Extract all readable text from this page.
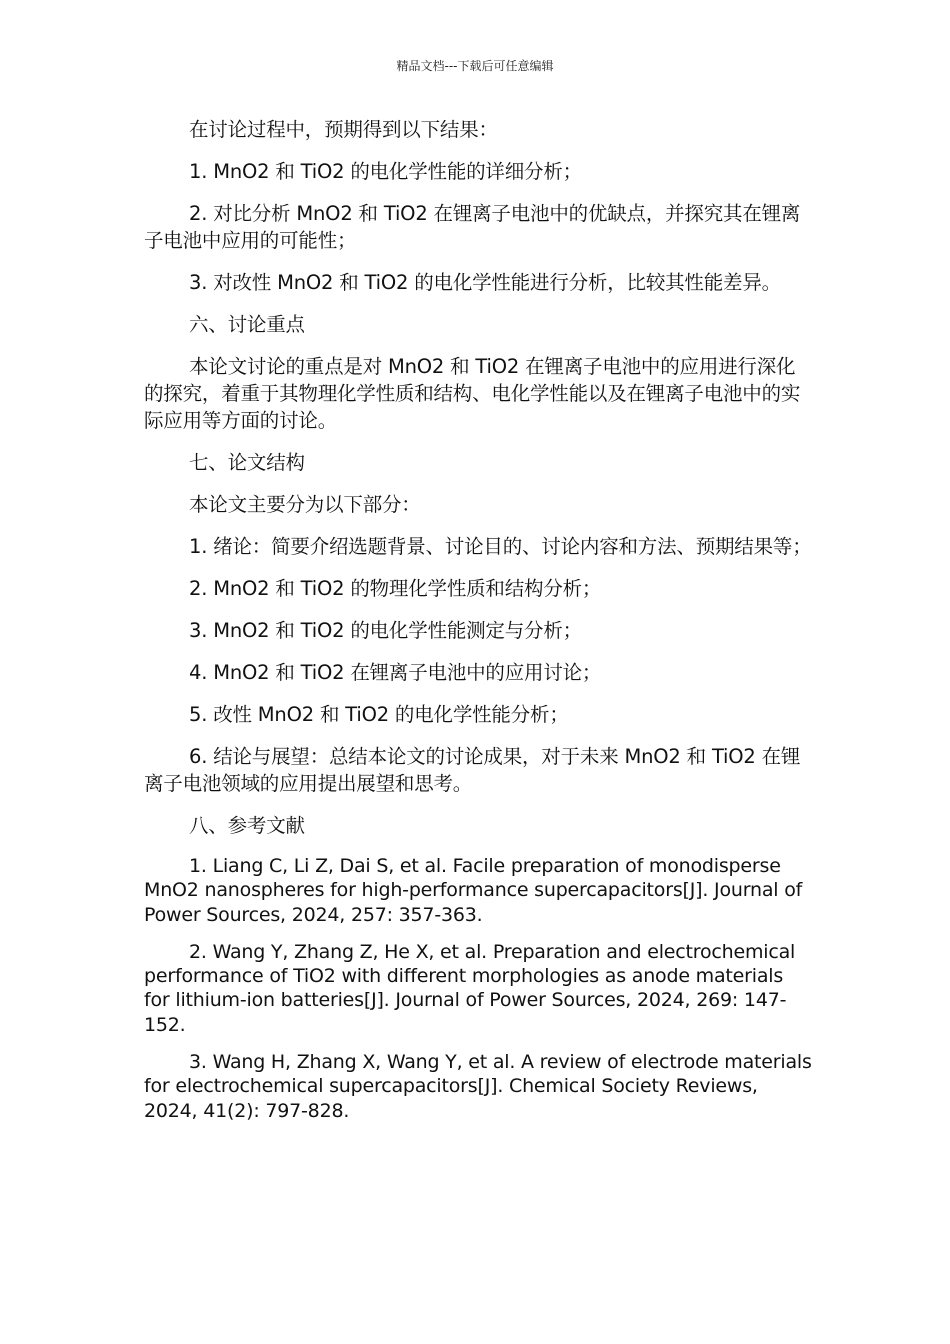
精品文档---下载后可任意编辑

在讨论过程中，预期得到以下结果：

1. MnO2 和 TiO2 的电化学性能的详细分析；

2. 对比分析 MnO2 和 TiO2 在锂离子电池中的优缺点，并探究其在锂离子电池中应用的可能性；

3. 对改性 MnO2 和 TiO2 的电化学性能进行分析，比较其性能差异。

六、讨论重点

本论文讨论的重点是对 MnO2 和 TiO2 在锂离子电池中的应用进行深化的探究，着重于其物理化学性质和结构、电化学性能以及在锂离子电池中的实际应用等方面的讨论。

七、论文结构

本论文主要分为以下部分：

1. 绪论：简要介绍选题背景、讨论目的、讨论内容和方法、预期结果等；

2. MnO2 和 TiO2 的物理化学性质和结构分析；

3. MnO2 和 TiO2 的电化学性能测定与分析；

4. MnO2 和 TiO2 在锂离子电池中的应用讨论；

5. 改性 MnO2 和 TiO2 的电化学性能分析；

6. 结论与展望：总结本论文的讨论成果，对于未来 MnO2 和 TiO2 在锂离子电池领域的应用提出展望和思考。

八、参考文献

1. Liang C, Li Z, Dai S, et al. Facile preparation of monodisperse MnO2 nanospheres for high-performance supercapacitors[J]. Journal of Power Sources, 2024, 257: 357-363.

2. Wang Y, Zhang Z, He X, et al. Preparation and electrochemical performance of TiO2 with different morphologies as anode materials for lithium-ion batteries[J]. Journal of Power Sources, 2024, 269: 147-152.

3. Wang H, Zhang X, Wang Y, et al. A review of electrode materials for electrochemical supercapacitors[J]. Chemical Society Reviews, 2024, 41(2): 797-828.
